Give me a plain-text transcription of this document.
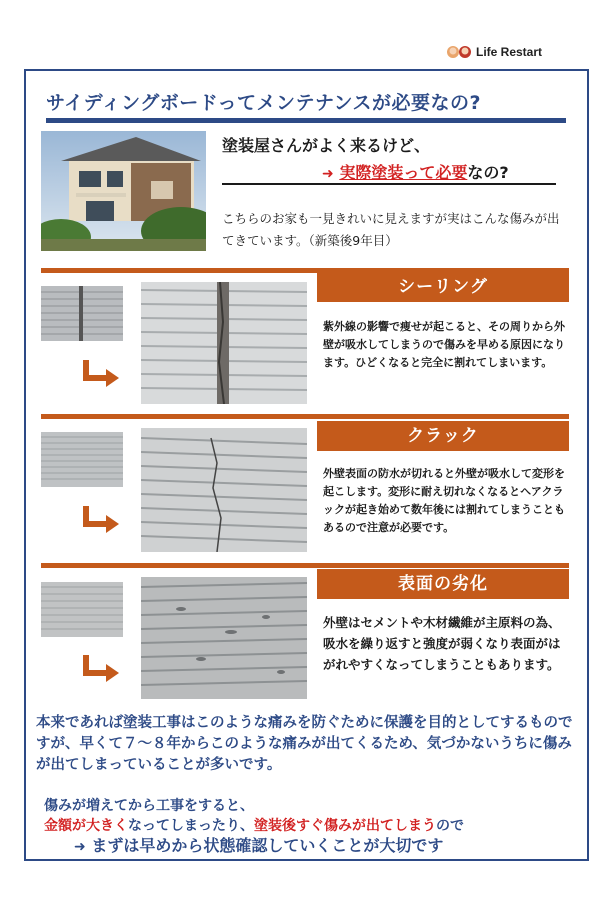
Life Restart
サイディングボードってメンテナンスが必要なの?
塗装屋さんがよく来るけど、
➜ 実際塗装って必要なの?
こちらのお家も一見きれいに見えますが実はこんな傷みが出てきています。（新築後9年目）
シーリング
紫外線の影響で痩せが起こると、その周りから外壁が吸水してしまうので傷みを早める原因になります。ひどくなると完全に割れてしまいます。
クラック
外壁表面の防水が切れると外壁が吸水して変形を起こします。変形に耐え切れなくなるとヘアクラックが起き始めて数年後には割れてしまうこともあるので注意が必要です。
表面の劣化
外壁はセメントや木材繊維が主原料の為、吸水を繰り返すと強度が弱くなり表面がはがれやすくなってしまうこともあります。
本来であれば塗装工事はこのような痛みを防ぐために保護を目的としてするものですが、早くて７～８年からこのような痛みが出てくるため、気づかないうちに傷みが出てしまっていることが多いです。
傷みが増えてから工事をすると、
金額が大きくなってしまったり、塗装後すぐ傷みが出てしまうので
➜ まずは早めから状態確認していくことが大切です
